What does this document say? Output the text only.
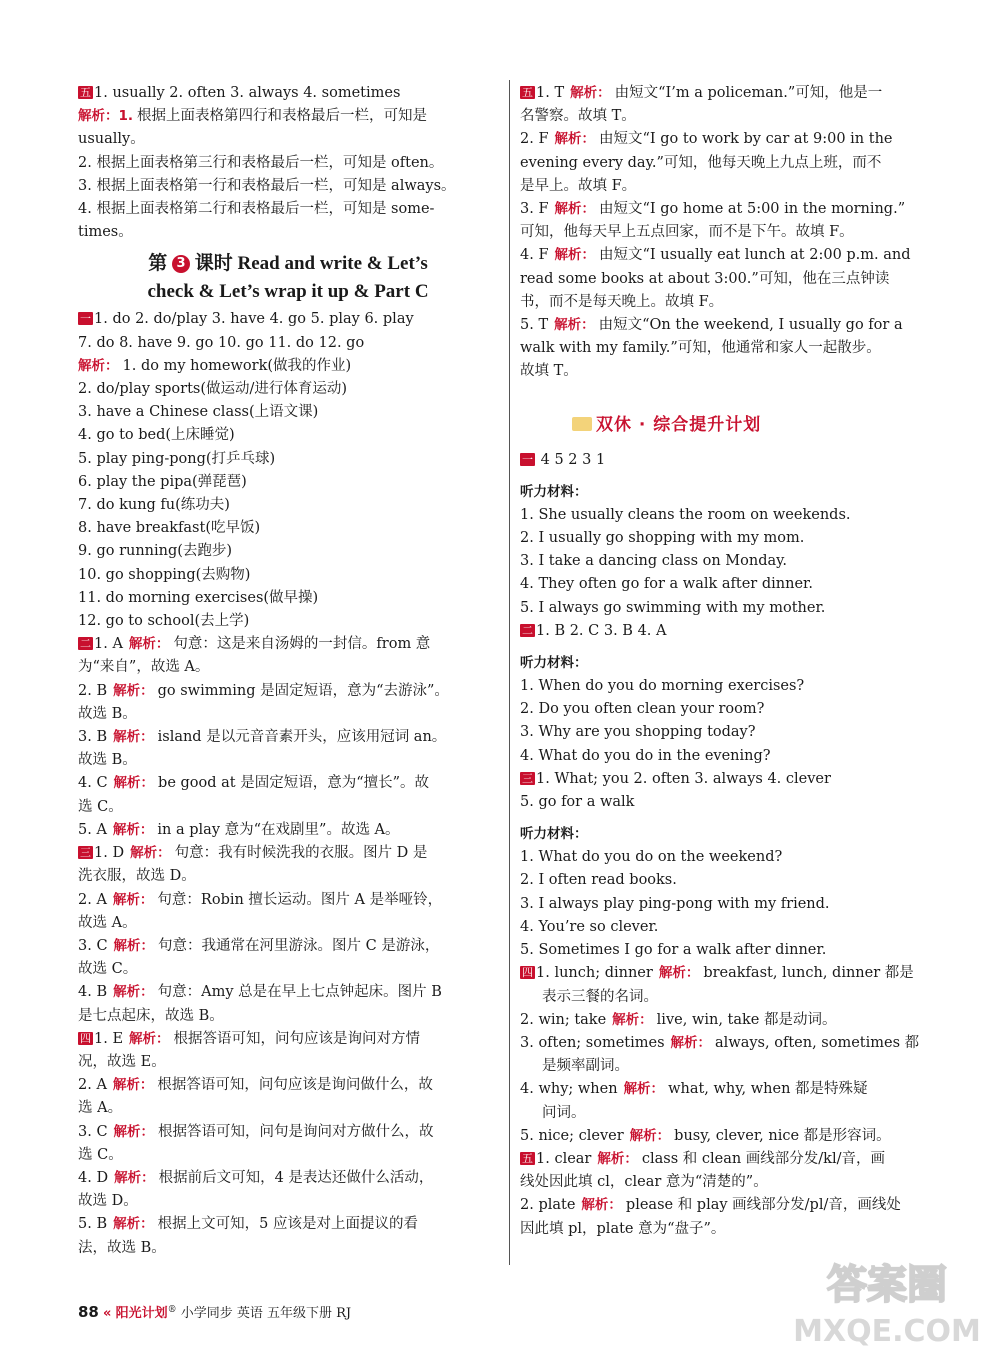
五 1. usually 2. often 3. always 4. sometimes
解析：1. 根据上面表格第四行和表格最后一栏，可知是
usually。
2. 根据上面表格第三行和表格最后一栏，可知是 often。
3. 根据上面表格第一行和表格最后一栏，可知是 always。
4. 根据上面表格第二行和表格最后一栏，可知是 some-
times。
第 3 课时 Read and write & Let’s
check & Let’s wrap it up & Part C
一 1. do 2. do/play 3. have 4. go 5. play 6. play
7. do 8. have 9. go 10. go 11. do 12. go
解析： 1. do my homework(做我的作业)
2. do/play sports(做运动/进行体育运动)
3. have a Chinese class(上语文课)
4. go to bed(上床睡觉)
5. play ping-pong(打乒乓球)
6. play the pipa(弹琵琶)
7. do kung fu(练功夫)
8. have breakfast(吃早饭)
9. go running(去跑步)
10. go shopping(去购物)
11. do morning exercises(做早操)
12. go to school(去上学)
二 1. A 解析： 句意：这是来自汤姆的一封信。from 意
为“来自”，故选 A。
2. B 解析： go swimming 是固定短语，意为“去游泳”。
故选 B。
3. B 解析： island 是以元音音素开头，应该用冠词 an。
故选 B。
4. C 解析： be good at 是固定短语，意为“擅长”。故
选 C。
5. A 解析： in a play 意为“在戏剧里”。故选 A。
三 1. D 解析： 句意：我有时候洗我的衣服。图片 D 是
洗衣服，故选 D。
2. A 解析： 句意：Robin 擅长运动。图片 A 是举哑铃，
故选 A。
3. C 解析： 句意：我通常在河里游泳。图片 C 是游泳，
故选 C。
4. B 解析： 句意：Amy 总是在早上七点钟起床。图片 B
是七点起床，故选 B。
四 1. E 解析： 根据答语可知，问句应该是询问对方情
况，故选 E。
2. A 解析： 根据答语可知，问句应该是询问做什么，故
选 A。
3. C 解析： 根据答语可知，问句是询问对方做什么，故
选 C。
4. D 解析： 根据前后文可知，4 是表达还做什么活动，
故选 D。
5. B 解析： 根据上文可知，5 应该是对上面提议的看
法，故选 B。
五 1. T 解析： 由短文“I’m a policeman.”可知，他是一
名警察。故填 T。
2. F 解析： 由短文“I go to work by car at 9:00 in the
evening every day.”可知，他每天晚上九点上班，而不
是早上。故填 F。
3. F 解析： 由短文“I go home at 5:00 in the morning.”
可知，他每天早上五点回家，而不是下午。故填 F。
4. F 解析： 由短文“I usually eat lunch at 2:00 p.m. and
read some books at about 3:00.”可知，他在三点钟读
书，而不是每天晚上。故填 F。
5. T 解析： 由短文“On the weekend, I usually go for a
walk with my family.”可知，他通常和家人一起散步。
故填 T。
双休 · 综合提升计划
一 4 5 2 3 1
听力材料：
1. She usually cleans the room on weekends.
2. I usually go shopping with my mom.
3. I take a dancing class on Monday.
4. They often go for a walk after dinner.
5. I always go swimming with my mother.
二 1. B 2. C 3. B 4. A
听力材料：
1. When do you do morning exercises?
2. Do you often clean your room?
3. Why are you shopping today?
4. What do you do in the evening?
三 1. What; you 2. often 3. always 4. clever
5. go for a walk
听力材料：
1. What do you do on the weekend?
2. I often read books.
3. I always play ping-pong with my friend.
4. You’re so clever.
5. Sometimes I go for a walk after dinner.
四 1. lunch; dinner 解析： breakfast, lunch, dinner 都是
表示三餐的名词。
2. win; take 解析： live, win, take 都是动词。
3. often; sometimes 解析： always, often, sometimes 都
是频率副词。
4. why; when 解析： what, why, when 都是特殊疑
问词。
5. nice; clever 解析： busy, clever, nice 都是形容词。
五 1. clear 解析： class 和 clean 画线部分发/kl/音，画
线处因此填 cl，clear 意为“清楚的”。
2. plate 解析： please 和 play 画线部分发/pl/音，画线处
因此填 pl，plate 意为“盘子”。
88 « 阳光计划® 小学同步 英语 五年级下册 RJ
答案圈
MXQE.COM
